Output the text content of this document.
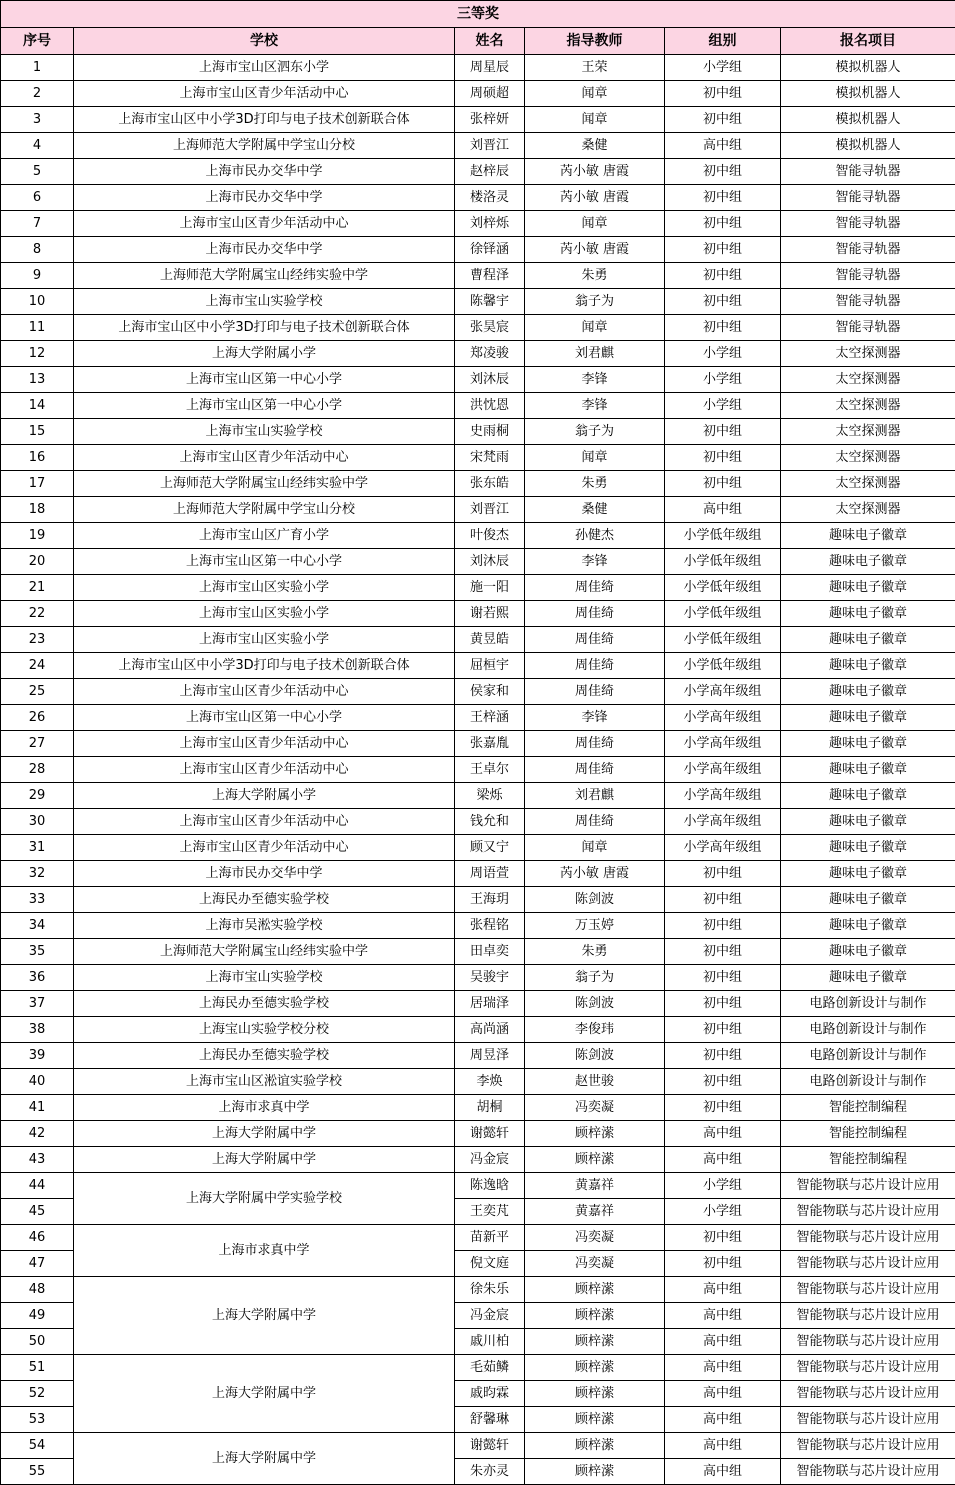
三等奖					
序号	学校	姓名	指导教师	组别	报名项目
1	上海市宝山区泗东小学	周星辰	王荣	小学组	模拟机器人
2	上海市宝山区青少年活动中心	周硕超	闻章	初中组	模拟机器人
3	上海市宝山区中小学3D打印与电子技术创新联合体	张梓妍	闻章	初中组	模拟机器人
4	上海师范大学附属中学宝山分校	刘晋江	桑健	高中组	模拟机器人
5	上海市民办交华中学	赵梓辰	芮小敏 唐霞	初中组	智能寻轨器
6	上海市民办交华中学	楼洛灵	芮小敏 唐霞	初中组	智能寻轨器
7	上海市宝山区青少年活动中心	刘梓烁	闻章	初中组	智能寻轨器
8	上海市民办交华中学	徐铎涵	芮小敏 唐霞	初中组	智能寻轨器
9	上海师范大学附属宝山经纬实验中学	曹程泽	朱勇	初中组	智能寻轨器
10	上海市宝山实验学校	陈馨宇	翁子为	初中组	智能寻轨器
11	上海市宝山区中小学3D打印与电子技术创新联合体	张昊宸	闻章	初中组	智能寻轨器
12	上海大学附属小学	郑凌骏	刘君麒	小学组	太空探测器
13	上海市宝山区第一中心小学	刘沐辰	李锋	小学组	太空探测器
14	上海市宝山区第一中心小学	洪忱恩	李锋	小学组	太空探测器
15	上海市宝山实验学校	史雨桐	翁子为	初中组	太空探测器
16	上海市宝山区青少年活动中心	宋梵雨	闻章	初中组	太空探测器
17	上海师范大学附属宝山经纬实验中学	张东皓	朱勇	初中组	太空探测器
18	上海师范大学附属中学宝山分校	刘晋江	桑健	高中组	太空探测器
19	上海市宝山区广育小学	叶俊杰	孙健杰	小学低年级组	趣味电子徽章
20	上海市宝山区第一中心小学	刘沐辰	李锋	小学低年级组	趣味电子徽章
21	上海市宝山区实验小学	施一阳	周佳绮	小学低年级组	趣味电子徽章
22	上海市宝山区实验小学	谢若熙	周佳绮	小学低年级组	趣味电子徽章
23	上海市宝山区实验小学	黄昱皓	周佳绮	小学低年级组	趣味电子徽章
24	上海市宝山区中小学3D打印与电子技术创新联合体	屈桓宇	周佳绮	小学低年级组	趣味电子徽章
25	上海市宝山区青少年活动中心	侯家和	周佳绮	小学高年级组	趣味电子徽章
26	上海市宝山区第一中心小学	王梓涵	李锋	小学高年级组	趣味电子徽章
27	上海市宝山区青少年活动中心	张嘉胤	周佳绮	小学高年级组	趣味电子徽章
28	上海市宝山区青少年活动中心	王卓尔	周佳绮	小学高年级组	趣味电子徽章
29	上海大学附属小学	梁烁	刘君麒	小学高年级组	趣味电子徽章
30	上海市宝山区青少年活动中心	钱允和	周佳绮	小学高年级组	趣味电子徽章
31	上海市宝山区青少年活动中心	顾又宁	闻章	小学高年级组	趣味电子徽章
32	上海市民办交华中学	周语萱	芮小敏 唐霞	初中组	趣味电子徽章
33	上海民办至德实验学校	王海玥	陈剑波	初中组	趣味电子徽章
34	上海市吴淞实验学校	张程铭	万玉婷	初中组	趣味电子徽章
35	上海师范大学附属宝山经纬实验中学	田卓奕	朱勇	初中组	趣味电子徽章
36	上海市宝山实验学校	吴骏宇	翁子为	初中组	趣味电子徽章
37	上海民办至德实验学校	居瑞泽	陈剑波	初中组	电路创新设计与制作
38	上海宝山实验学校分校	高尚涵	李俊玮	初中组	电路创新设计与制作
39	上海民办至德实验学校	周昱泽	陈剑波	初中组	电路创新设计与制作
40	上海市宝山区淞谊实验学校	李焕	赵世骏	初中组	电路创新设计与制作
41	上海市求真中学	胡桐	冯奕凝	初中组	智能控制编程
42	上海大学附属中学	谢懿轩	顾梓潆	高中组	智能控制编程
43	上海大学附属中学	冯金宸	顾梓潆	高中组	智能控制编程
44	上海大学附属中学实验学校	陈逸晗	黄嘉祥	小学组	智能物联与芯片设计应用
45		王奕芃	黄嘉祥	小学组	智能物联与芯片设计应用
46	上海市求真中学	苗新平	冯奕凝	初中组	智能物联与芯片设计应用
47		倪文庭	冯奕凝	初中组	智能物联与芯片设计应用
48	上海大学附属中学	徐朱乐	顾梓潆	高中组	智能物联与芯片设计应用
49		冯金宸	顾梓潆	高中组	智能物联与芯片设计应用
50		戚川柏	顾梓潆	高中组	智能物联与芯片设计应用
51	上海大学附属中学	毛茹鳞	顾梓潆	高中组	智能物联与芯片设计应用
52		戚昀霖	顾梓潆	高中组	智能物联与芯片设计应用
53		舒馨琳	顾梓潆	高中组	智能物联与芯片设计应用
54	上海大学附属中学	谢懿轩	顾梓潆	高中组	智能物联与芯片设计应用
55		朱亦灵	顾梓潆	高中组	智能物联与芯片设计应用
